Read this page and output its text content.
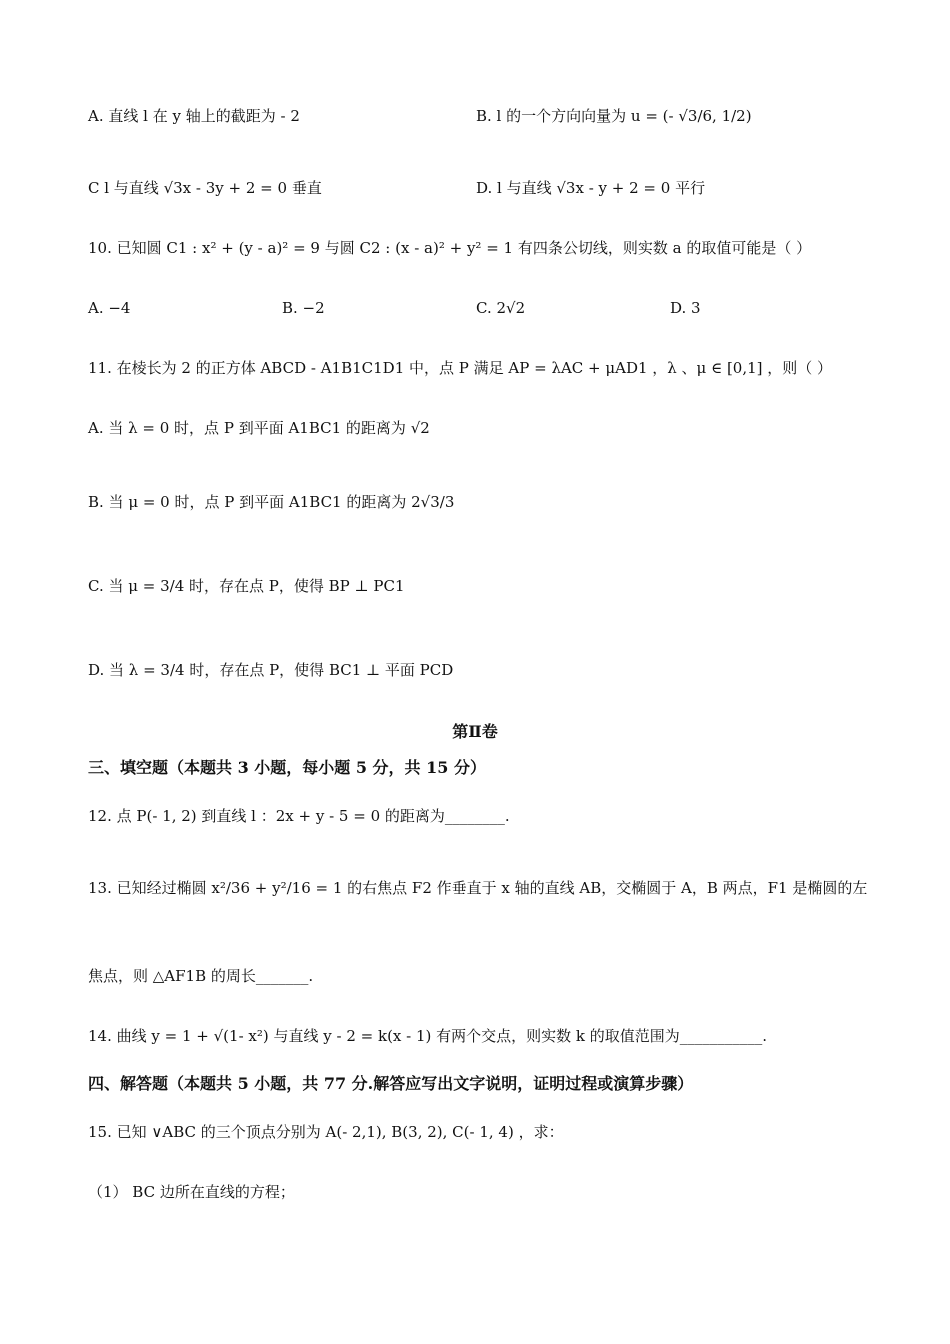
A. 直线 l 在 y 轴上的截距为 - 2	B. l 的一个方向向量为 u = (- √3/6, 1/2)
C l 与直线 √3x - 3y + 2 = 0 垂直	D. l 与直线 √3x - y + 2 = 0 平行
10. 已知圆 C1 : x² + (y - a)² = 9 与圆 C2 : (x - a)² + y² = 1 有四条公切线，则实数 a 的取值可能是（ ）
A. −4	B. −2	C. 2√2	D. 3
11. 在棱长为 2 的正方体 ABCD - A1B1C1D1 中，点 P 满足 AP = λAC + μAD1 ，λ 、μ ∈ [0,1] ，则（ ）
A. 当 λ = 0 时，点 P 到平面 A1BC1 的距离为 √2
B. 当 μ = 0 时，点 P 到平面 A1BC1 的距离为 2√3/3
C. 当 μ = 3/4 时，存在点 P，使得 BP ⊥ PC1
D. 当 λ = 3/4 时，存在点 P，使得 BC1 ⊥ 平面 PCD
第Ⅱ卷
三、填空题（本题共 3 小题，每小题 5 分，共 15 分）
12. 点 P(- 1, 2) 到直线 l ：2x + y - 5 = 0 的距离为________.
13. 已知经过椭圆 x²/36 + y²/16 = 1 的右焦点 F2 作垂直于 x 轴的直线 AB，交椭圆于 A，B 两点，F1 是椭圆的左
焦点，则 △AF1B 的周长_______.
14. 曲线 y = 1 + √(1- x²) 与直线 y - 2 = k(x - 1) 有两个交点，则实数 k 的取值范围为___________.
四、解答题（本题共 5 小题，共 77 分.解答应写出文字说明，证明过程或演算步骤）
15. 已知 ∨ABC 的三个顶点分别为 A(- 2,1), B(3, 2), C(- 1, 4) ，求：
（1） BC 边所在直线的方程；
